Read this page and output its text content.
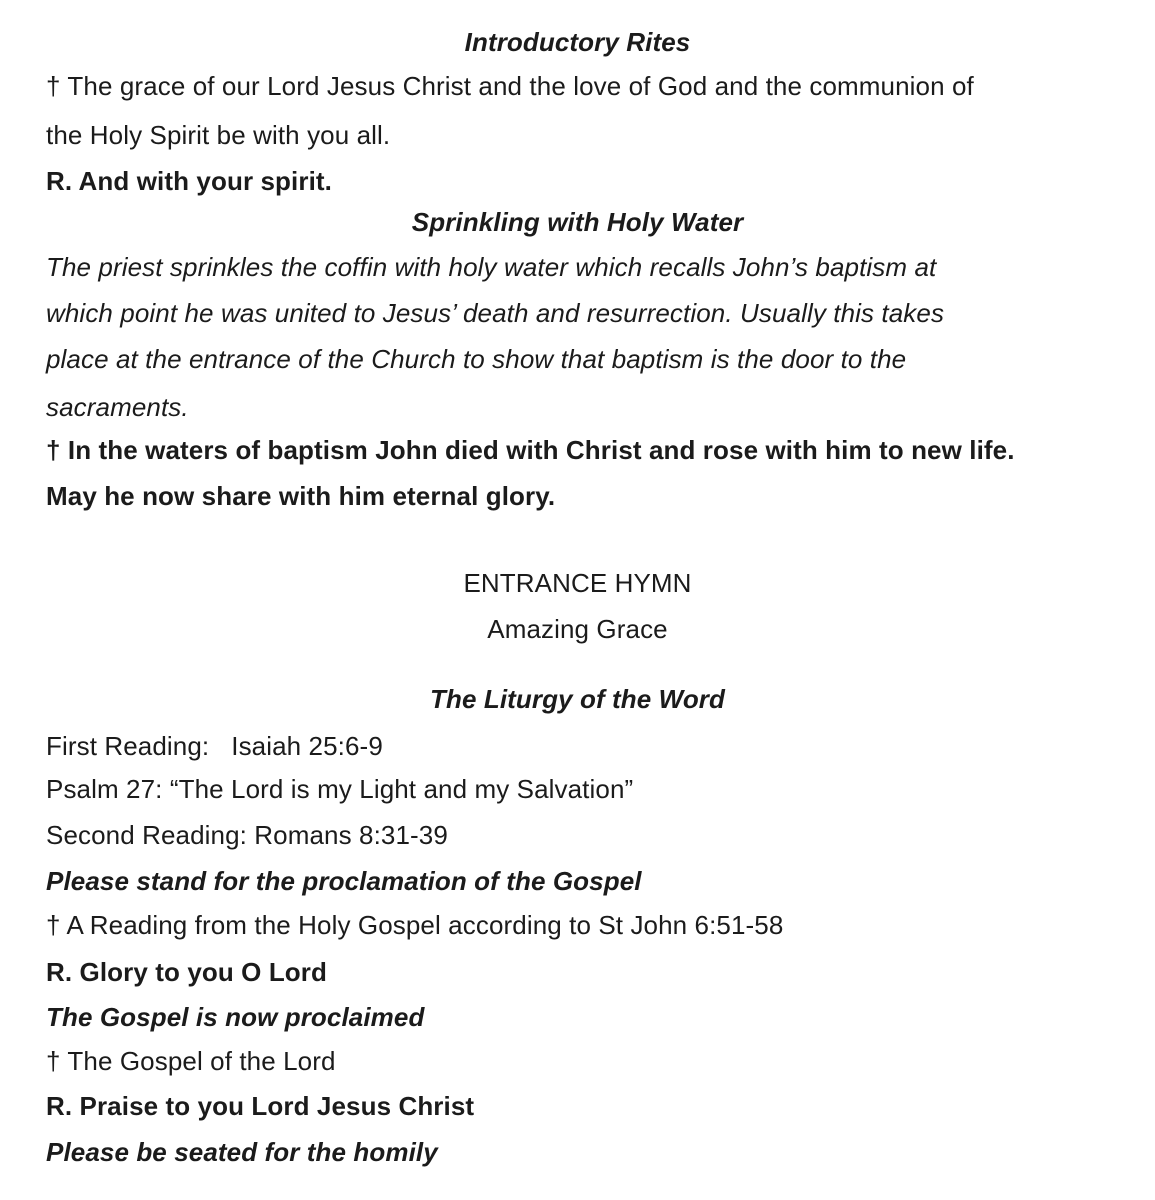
Introductory Rites
† The grace of our Lord Jesus Christ and the love of God and the communion of
the Holy Spirit be with you all.
R. And with your spirit.
Sprinkling with Holy Water
The priest sprinkles the coffin with holy water which recalls John’s baptism at
which point he was united to Jesus’ death and resurrection. Usually this takes
place at the entrance of the Church to show that baptism is the door to the
sacraments.
† In the waters of baptism John died with Christ and rose with him to new life.
May he now share with him eternal glory.
ENTRANCE HYMN
Amazing Grace
The Liturgy of the Word
First Reading: Isaiah 25:6-9
Psalm 27: “The Lord is my Light and my Salvation”
Second Reading: Romans 8:31-39
Please stand for the proclamation of the Gospel
† A Reading from the Holy Gospel according to St John 6:51-58
R. Glory to you O Lord
The Gospel is now proclaimed
† The Gospel of the Lord
R. Praise to you Lord Jesus Christ
Please be seated for the homily
